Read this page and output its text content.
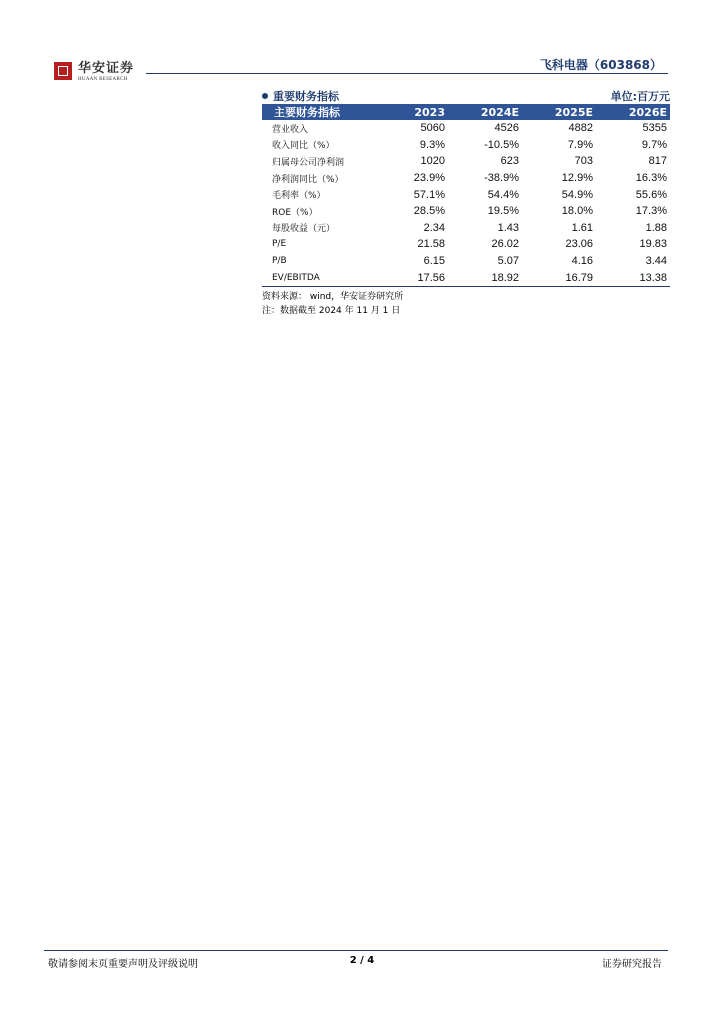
华安证券
HUAAN RESEARCH
飞科电器（603868）
重要财务指标	单位:百万元
主要财务指标	2023	2024E	2025E	2026E
营业收入	5060	4526	4882	5355
收入同比（%）	9.3%	-10.5%	7.9%	9.7%
归属母公司净利润	1020	623	703	817
净利润同比（%）	23.9%	-38.9%	12.9%	16.3%
毛利率（%）	57.1%	54.4%	54.9%	55.6%
ROE（%）	28.5%	19.5%	18.0%	17.3%
每股收益（元）	2.34	1.43	1.61	1.88
P/E	21.58	26.02	23.06	19.83
P/B	6.15	5.07	4.16	3.44
EV/EBITDA	17.56	18.92	16.79	13.38
资料来源： wind，华安证券研究所
注：数据截至 2024 年 11 月 1 日
敬请参阅末页重要声明及评级说明	2 / 4	证券研究报告
